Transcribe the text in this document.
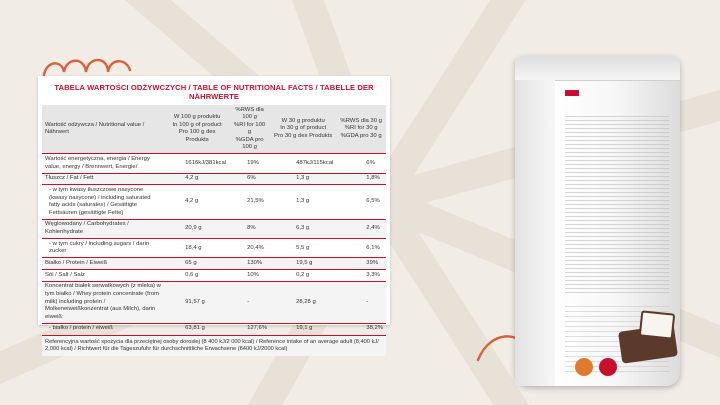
TABELA WARTOŚCI ODŻYWCZYCH / TABLE OF NUTRITIONAL FACTS / TABELLE DER NÄHRWERTE
Wartość odżywcza / Nutritional value / Nährwert	W 100 g produktu
In 100 g of product
Pro 100 g des Produkts	%RWS dla 100 g
%RI for 100 g
%GDA pro 100 g	W 30 g produktu
In 30 g of product
Pro 30 g des Produkts	%RWS dla 30 g
%RI for 30 g
%GDA pro 30 g
Wartość energetyczna, energia / Energy value, energy / Brennwert, Energie/	1616kJ/381kcal	19%	487kJ/115kcal	6%
Tłuszcz / Fat / Fett	4,2 g	6%	1,3 g	1,8%
- w tym kwasy tłuszczowe nasycone (kwasy nasycone) / including saturated fatty acids (saturates) / Gesättigte Fettsäuren (gesättigte Fette)	4,2 g	21,5%	1,3 g	6,5%
Węglowodany / Carbohydrates / Kohlenhydrate	20,9 g	8%	6,3 g	2,4%
- w tym cukry / including sugars / darin zucker	18,4 g	20,4%	5,5 g	6,1%
Białko / Protein / Eiweiß	65 g	130%	19,5 g	39%
Sól / Salt / Salz	0,6 g	10%	0,2 g	3,3%
Koncentrat białek serwatkowych (z mleka) w tym białko / Whey protein concentrate (from milk) including protein / Molkeneiweißkonzentrat (aus Milch), darin eiweiß:	91,57 g	-	28,28 g	-
- białko / protein / eiweiß	63,81 g	127,6%	19,1 g	38,2%
Referencyjna wartość spożycia dla przeciętnej osoby dorosłej (8 400 kJ/2 000 kcal) / Reference intake of an average adult (8,400 kJ/ 2,000 kcal) / Richtwert für die Tageszufuhr für durchschnittliche Erwachsene (8400 kJ/2000 kcal)
